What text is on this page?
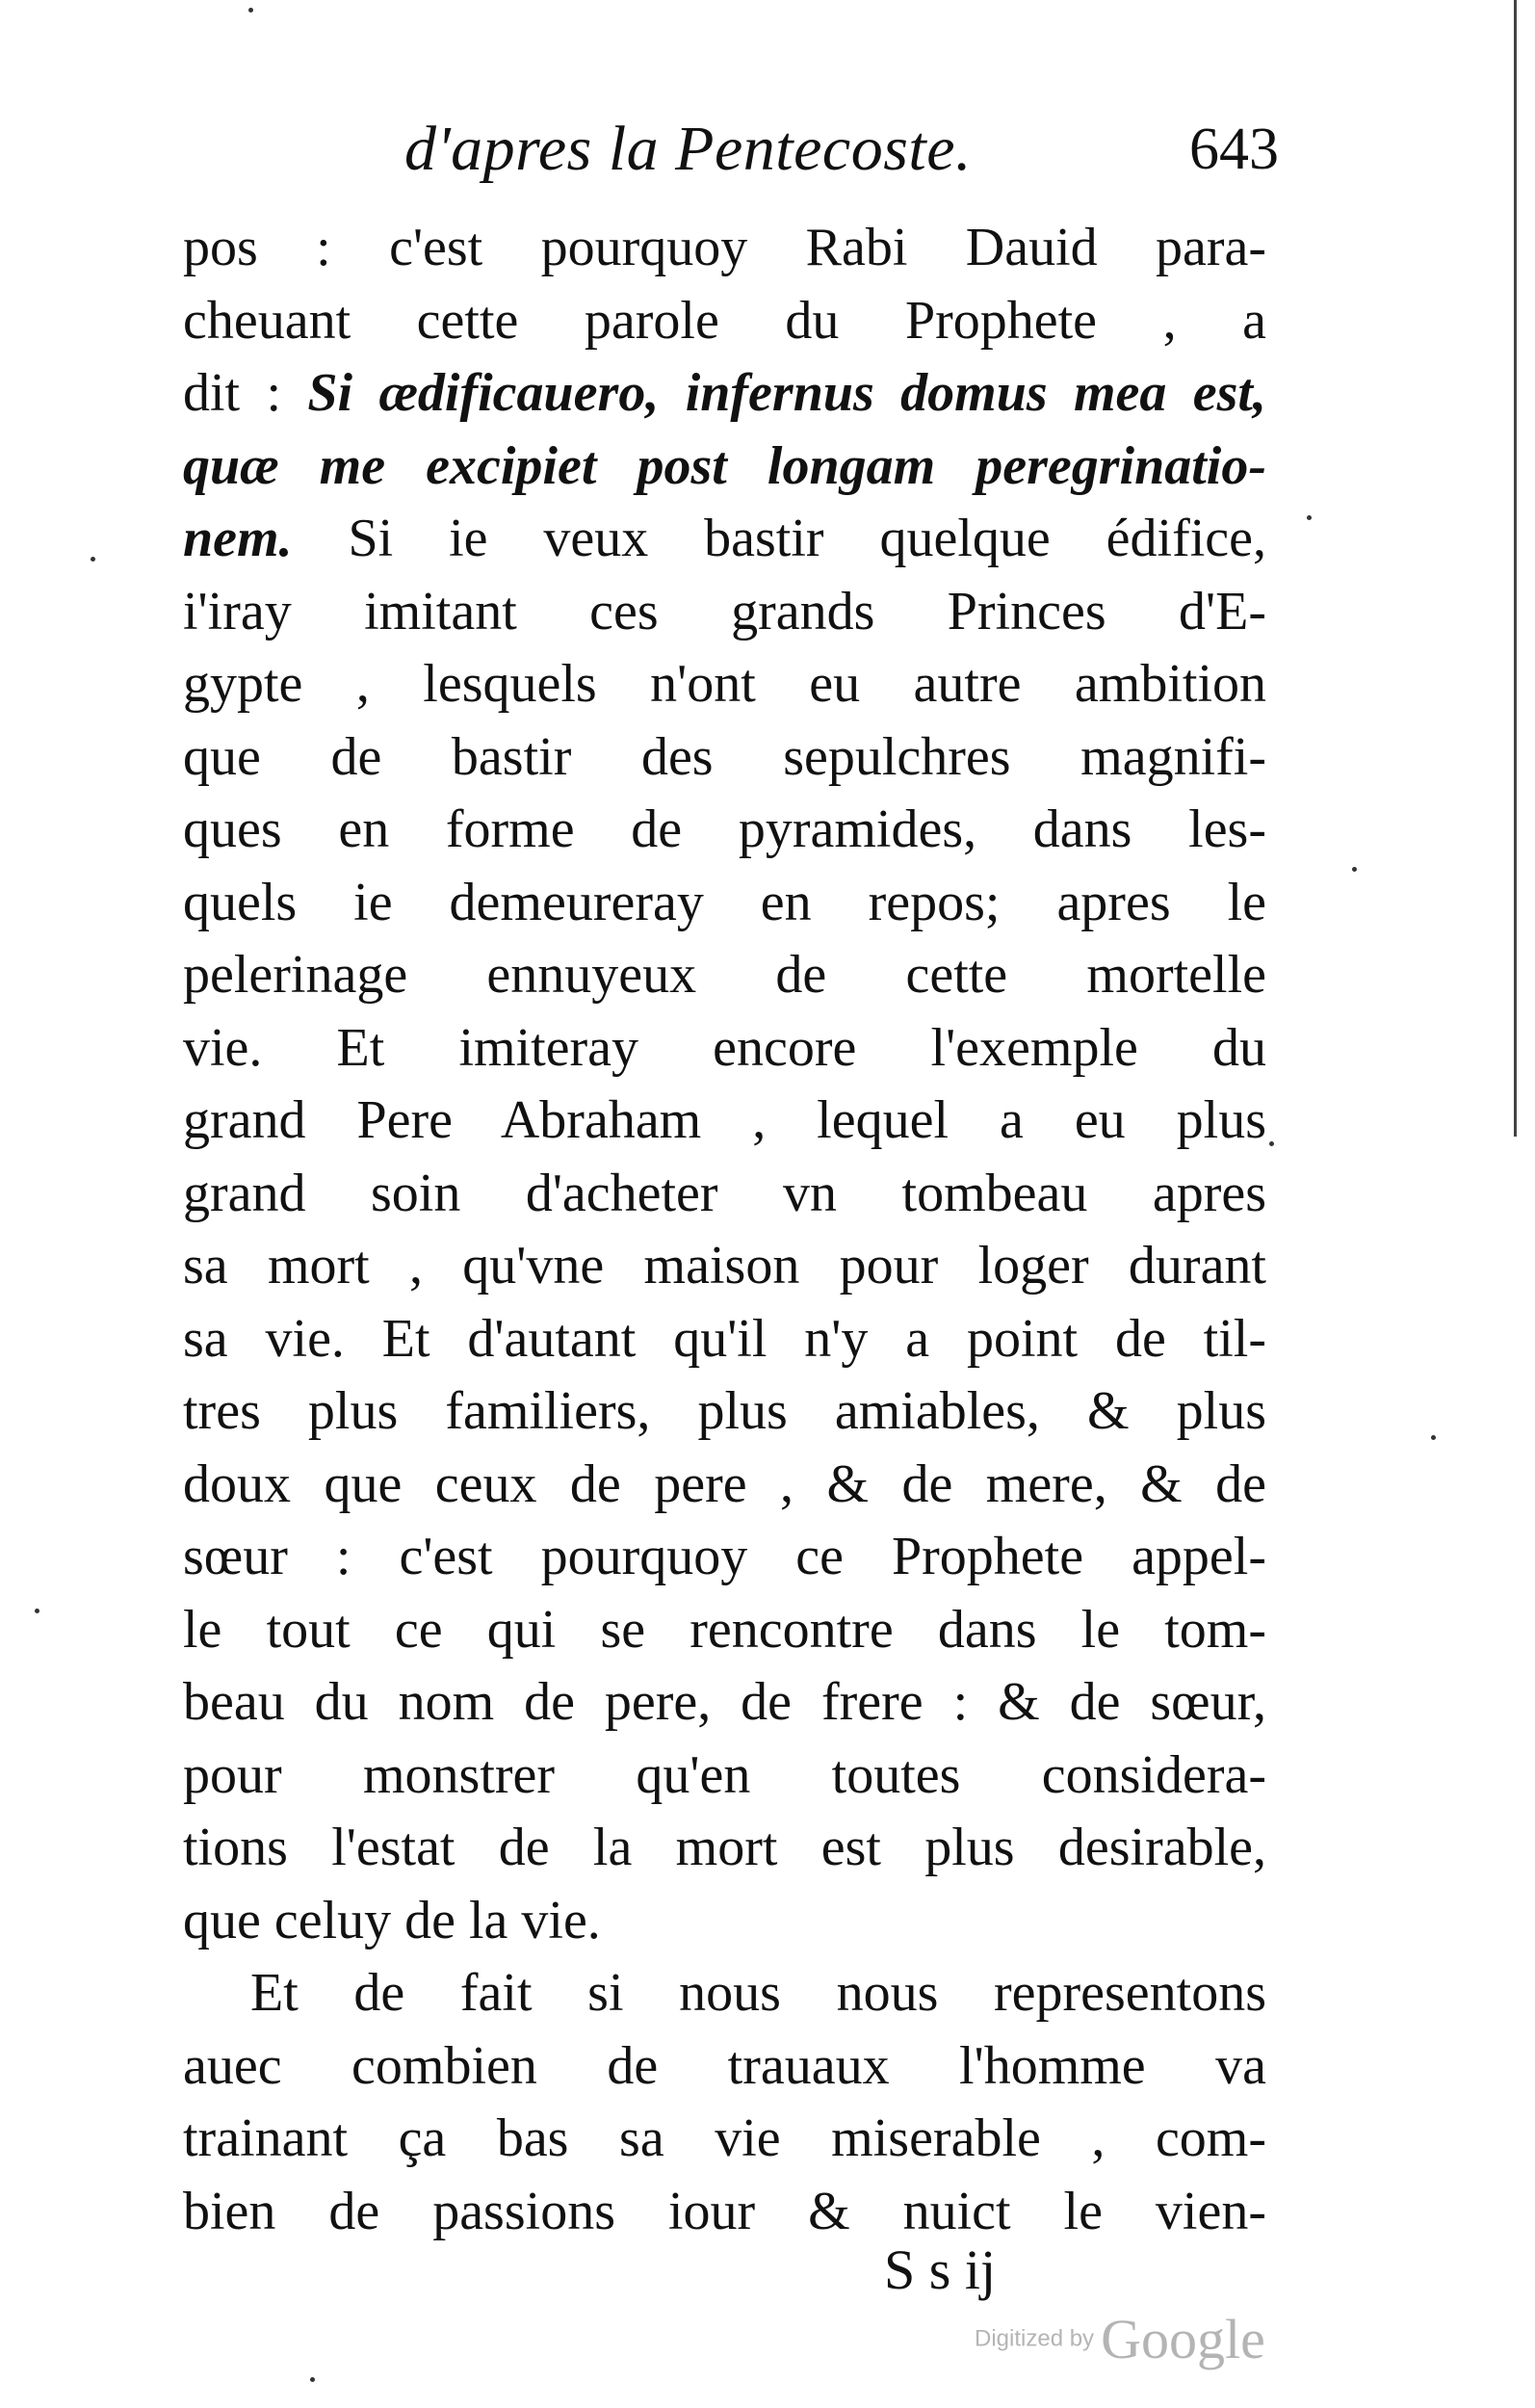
d'apres la Pentecoste.	643
pos : c'est pourquoy Rabi Dauid para-
cheuant cette parole du Prophete , a
dit : Si ædificauero, infernus domus mea est,
quæ me excipiet post longam peregrinatio-
nem. Si ie veux bastir quelque édifice,
i'iray imitant ces grands Princes d'E-
gypte , lesquels n'ont eu autre ambition
que de bastir des sepulchres magnifi-
ques en forme de pyramides, dans les-
quels ie demeureray en repos; apres le
pelerinage ennuyeux de cette mortelle
vie. Et imiteray encore l'exemple du
grand Pere Abraham , lequel a eu plus
grand soin d'acheter vn tombeau apres
sa mort , qu'vne maison pour loger durant
sa vie. Et d'autant qu'il n'y a point de til-
tres plus familiers, plus amiables, & plus
doux que ceux de pere , & de mere, & de
sœur : c'est pourquoy ce Prophete appel-
le tout ce qui se rencontre dans le tom-
beau du nom de pere, de frere : & de sœur,
pour monstrer qu'en toutes considera-
tions l'estat de la mort est plus desirable,
que celuy de la vie.
Et de fait si nous nous representons
auec combien de trauaux l'homme va
trainant ça bas sa vie miserable , com-
bien de passions iour & nuict le vien-
S s ij
Digitized by Google
